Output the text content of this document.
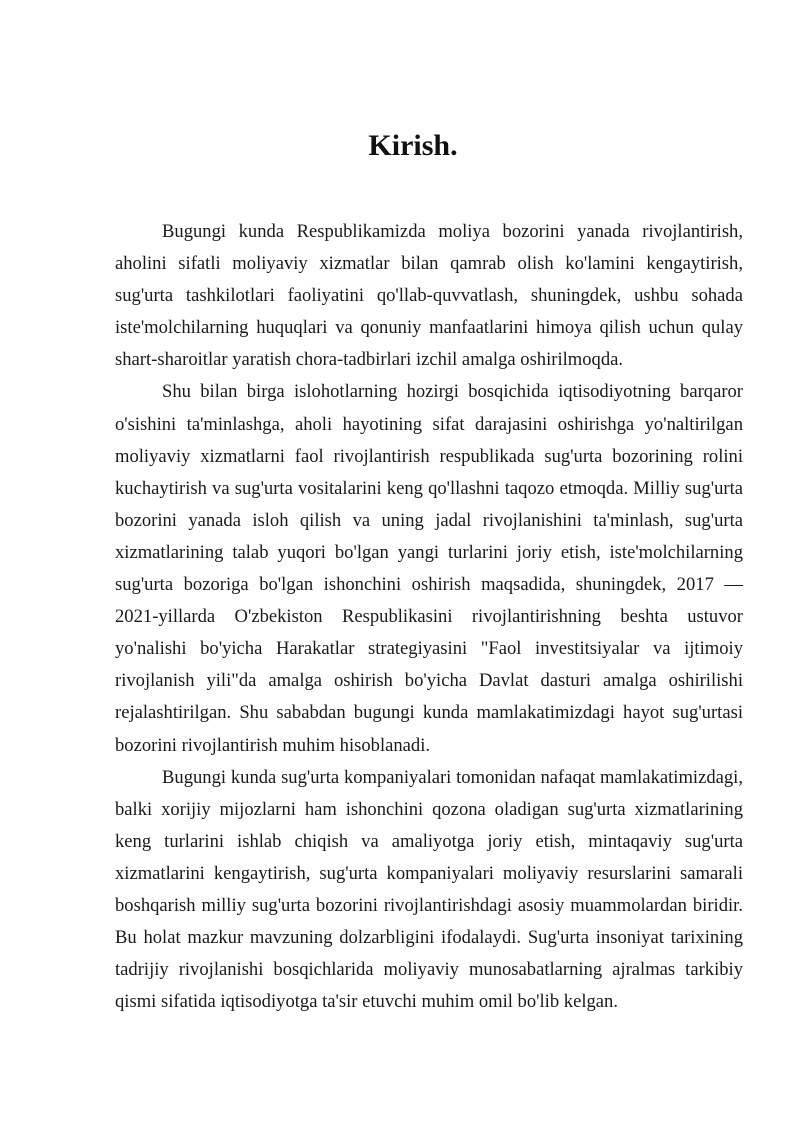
Kirish.

Bugungi kunda Respublikamizda moliya bozorini yanada rivojlantirish, aholini sifatli moliyaviy xizmatlar bilan qamrab olish ko'lamini kengaytirish, sug'urta tashkilotlari faoliyatini qo'llab-quvvatlash, shuningdek, ushbu sohada iste'molchilarning huquqlari va qonuniy manfaatlarini himoya qilish uchun qulay shart-sharoitlar yaratish chora-tadbirlari izchil amalga oshirilmoqda.

Shu bilan birga islohotlarning hozirgi bosqichida iqtisodiyotning barqaror o'sishini ta'minlashga, aholi hayotining sifat darajasini oshirishga yo'naltirilgan moliyaviy xizmatlarni faol rivojlantirish respublikada sug'urta bozorining rolini kuchaytirish va sug'urta vositalarini keng qo'llashni taqozo etmoqda. Milliy sug'urta bozorini yanada isloh qilish va uning jadal rivojlanishini ta'minlash, sug'urta xizmatlarining talab yuqori bo'lgan yangi turlarini joriy etish, iste'molchilarning sug'urta bozoriga bo'lgan ishonchini oshirish maqsadida, shuningdek, 2017 — 2021-yillarda O'zbekiston Respublikasini rivojlantirishning beshta ustuvor yo'nalishi bo'yicha Harakatlar strategiyasini "Faol investitsiyalar va ijtimoiy rivojlanish yili"da amalga oshirish bo'yicha Davlat dasturi amalga oshirilishi rejalashtirilgan. Shu sababdan bugungi kunda mamlakatimizdagi hayot sug'urtasi bozorini rivojlantirish muhim hisoblanadi.

Bugungi kunda sug'urta kompaniyalari tomonidan nafaqat mamlakatimizdagi, balki xorijiy mijozlarni ham ishonchini qozona oladigan sug'urta xizmatlarining keng turlarini ishlab chiqish va amaliyotga joriy etish, mintaqaviy sug'urta xizmatlarini kengaytirish, sug'urta kompaniyalari moliyaviy resurslarini samarali boshqarish milliy sug'urta bozorini rivojlantirishdagi asosiy muammolardan biridir. Bu holat mazkur mavzuning dolzarbligini ifodalaydi. Sug'urta insoniyat tarixining tadrijiy rivojlanishi bosqichlarida moliyaviy munosabatlarning ajralmas tarkibiy qismi sifatida iqtisodiyotga ta'sir etuvchi muhim omil bo'lib kelgan.
